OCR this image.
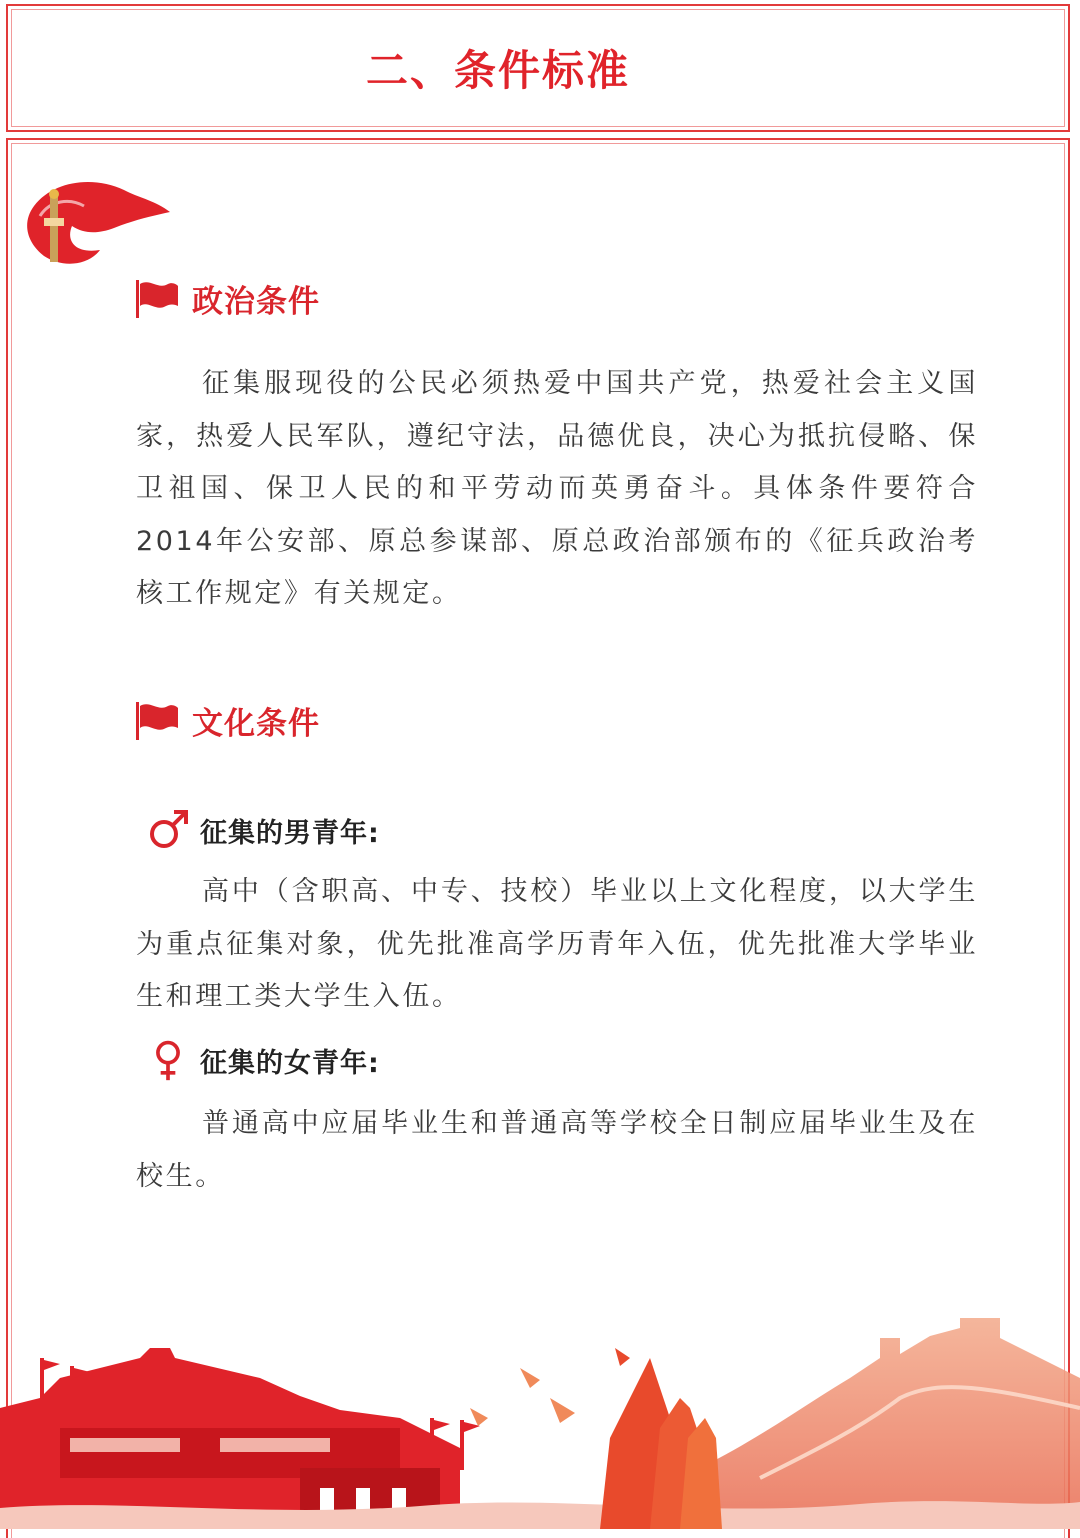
二、条件标准
政治条件

征集服现役的公民必须热爱中国共产党，热爱社会主义国家，热爱人民军队，遵纪守法，品德优良，决心为抵抗侵略、保卫祖国、保卫人民的和平劳动而英勇奋斗。具体条件要符合2014年公安部、原总参谋部、原总政治部颁布的《征兵政治考核工作规定》有关规定。

文化条件
征集的男青年:

高中（含职高、中专、技校）毕业以上文化程度，以大学生为重点征集对象，优先批准高学历青年入伍，优先批准大学毕业生和理工类大学生入伍。

征集的女青年:

普通高中应届毕业生和普通高等学校全日制应届毕业生及在校生。
